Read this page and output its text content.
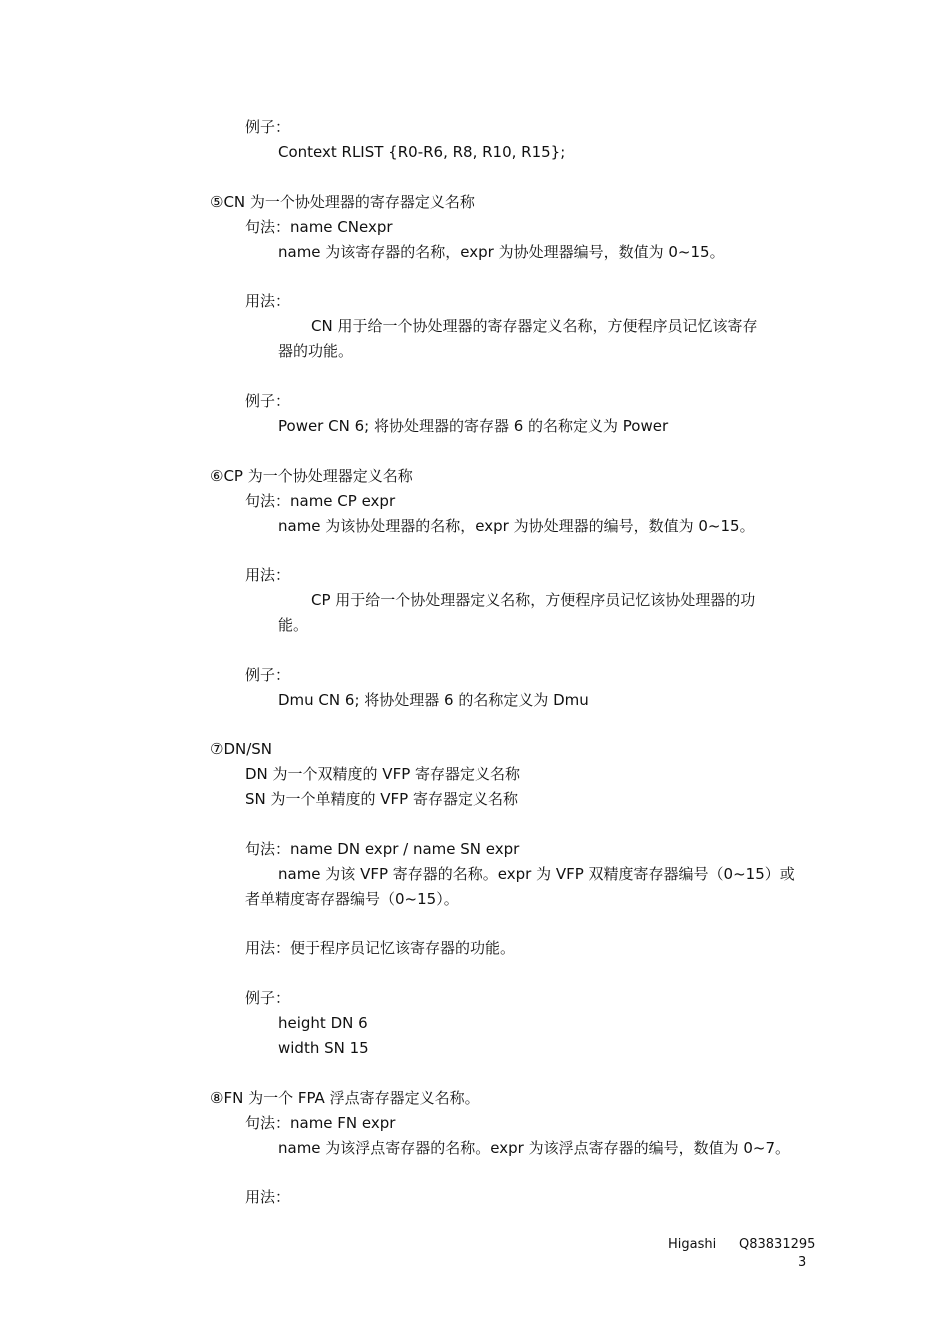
例子：
Context RLIST {R0-R6, R8, R10, R15};
⑤CN 为一个协处理器的寄存器定义名称
句法：name CNexpr
name 为该寄存器的名称，expr 为协处理器编号，数值为 0~15。
用法：
CN 用于给一个协处理器的寄存器定义名称，方便程序员记忆该寄存
器的功能。
例子：
Power CN 6; 将协处理器的寄存器 6 的名称定义为 Power
⑥CP 为一个协处理器定义名称
句法：name CP expr
name 为该协处理器的名称，expr 为协处理器的编号，数值为 0~15。
用法：
CP 用于给一个协处理器定义名称，方便程序员记忆该协处理器的功
能。
例子：
Dmu CN 6; 将协处理器 6 的名称定义为 Dmu
⑦DN/SN
DN 为一个双精度的 VFP 寄存器定义名称
SN 为一个单精度的 VFP 寄存器定义名称
句法：name DN expr / name SN expr
name 为该 VFP 寄存器的名称。expr 为 VFP 双精度寄存器编号（0~15）或
者单精度寄存器编号（0~15）。
用法：便于程序员记忆该寄存器的功能。
例子：
height DN 6
width SN 15
⑧FN 为一个 FPA 浮点寄存器定义名称。
句法：name FN expr
name 为该浮点寄存器的名称。expr 为该浮点寄存器的编号，数值为 0~7。
用法：
Higashi Q83831295
3
